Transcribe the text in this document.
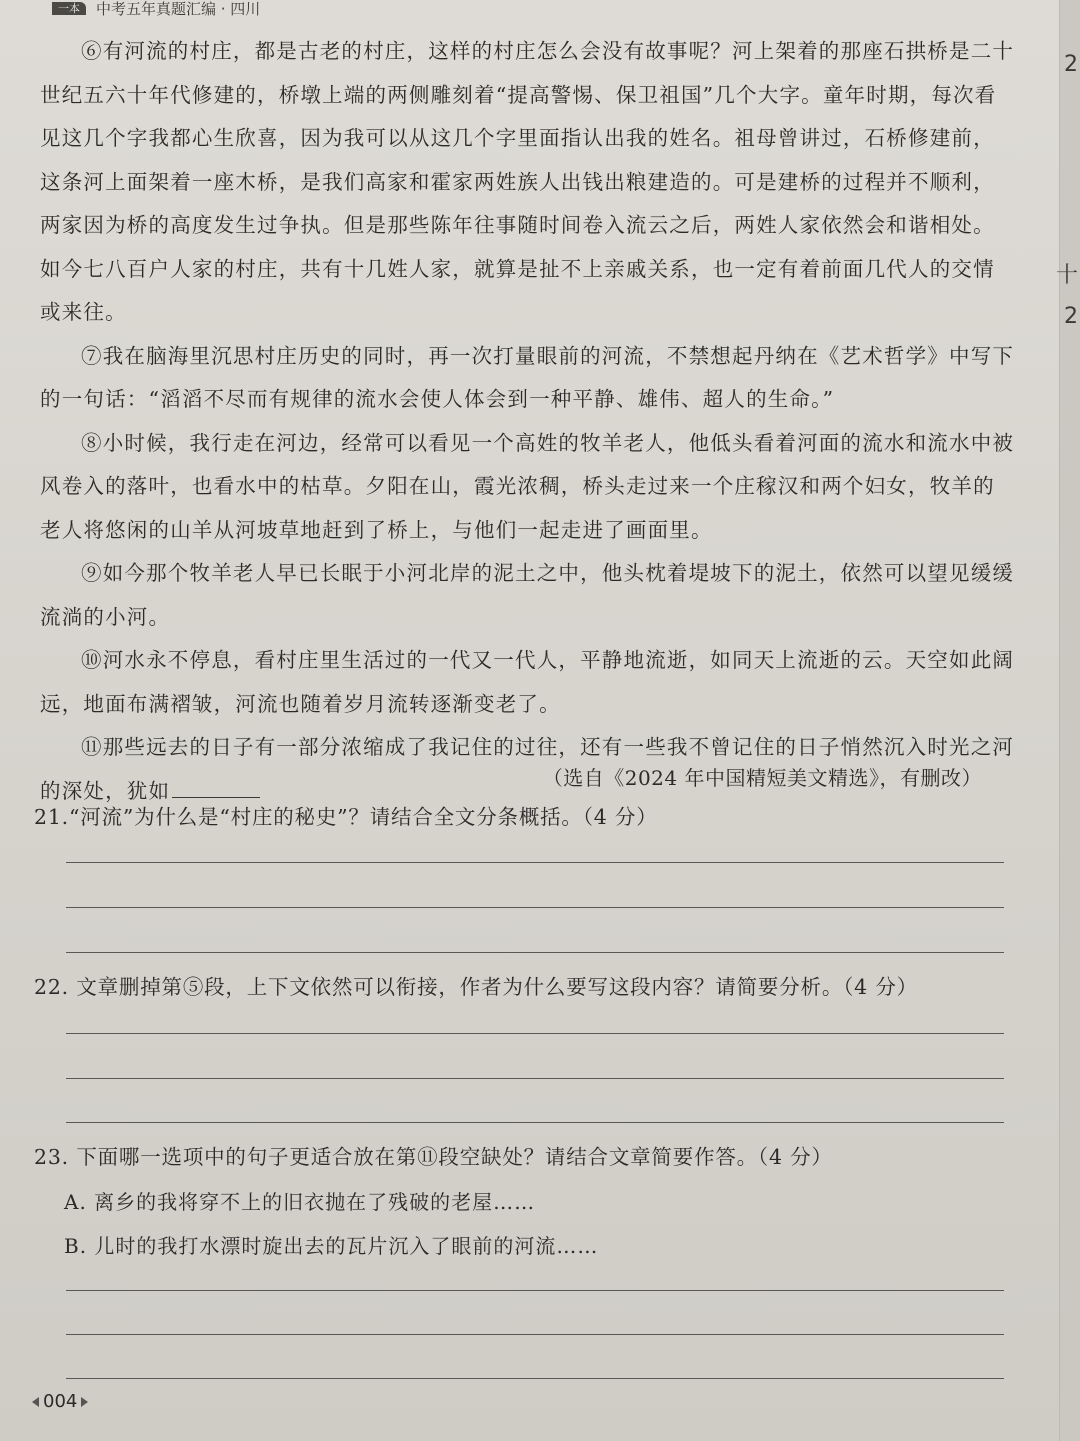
一本	中考五年真题汇编 · 四川

⑥有河流的村庄，都是古老的村庄，这样的村庄怎么会没有故事呢？河上架着的那座石拱桥是二十世纪五六十年代修建的，桥墩上端的两侧雕刻着“提高警惕、保卫祖国”几个大字。童年时期，每次看见这几个字我都心生欣喜，因为我可以从这几个字里面指认出我的姓名。祖母曾讲过，石桥修建前，这条河上面架着一座木桥，是我们高家和霍家两姓族人出钱出粮建造的。可是建桥的过程并不顺利，两家因为桥的高度发生过争执。但是那些陈年往事随时间卷入流云之后，两姓人家依然会和谐相处。如今七八百户人家的村庄，共有十几姓人家，就算是扯不上亲戚关系，也一定有着前面几代人的交情或来往。

⑦我在脑海里沉思村庄历史的同时，再一次打量眼前的河流，不禁想起丹纳在《艺术哲学》中写下的一句话：“滔滔不尽而有规律的流水会使人体会到一种平静、雄伟、超人的生命。”

⑧小时候，我行走在河边，经常可以看见一个高姓的牧羊老人，他低头看着河面的流水和流水中被风卷入的落叶，也看水中的枯草。夕阳在山，霞光浓稠，桥头走过来一个庄稼汉和两个妇女，牧羊的老人将悠闲的山羊从河坡草地赶到了桥上，与他们一起走进了画面里。

⑨如今那个牧羊老人早已长眠于小河北岸的泥土之中，他头枕着堤坡下的泥土，依然可以望见缓缓流淌的小河。

⑩河水永不停息，看村庄里生活过的一代又一代人，平静地流逝，如同天上流逝的云。天空如此阔远，地面布满褶皱，河流也随着岁月流转逐渐变老了。

⑪那些远去的日子有一部分浓缩成了我记住的过往，还有一些我不曾记住的日子悄然沉入时光之河的深处，犹如

（选自《2024 年中国精短美文精选》，有删改）
21.“河流”为什么是“村庄的秘史”？请结合全文分条概括。（4 分）
22. 文章删掉第⑤段，上下文依然可以衔接，作者为什么要写这段内容？请简要分析。（4 分）
23. 下面哪一选项中的句子更适合放在第⑪段空缺处？请结合文章简要作答。（4 分）
A. 离乡的我将穿不上的旧衣抛在了残破的老屋……
B. 儿时的我打水漂时旋出去的瓦片沉入了眼前的河流……
004
2
十
2
